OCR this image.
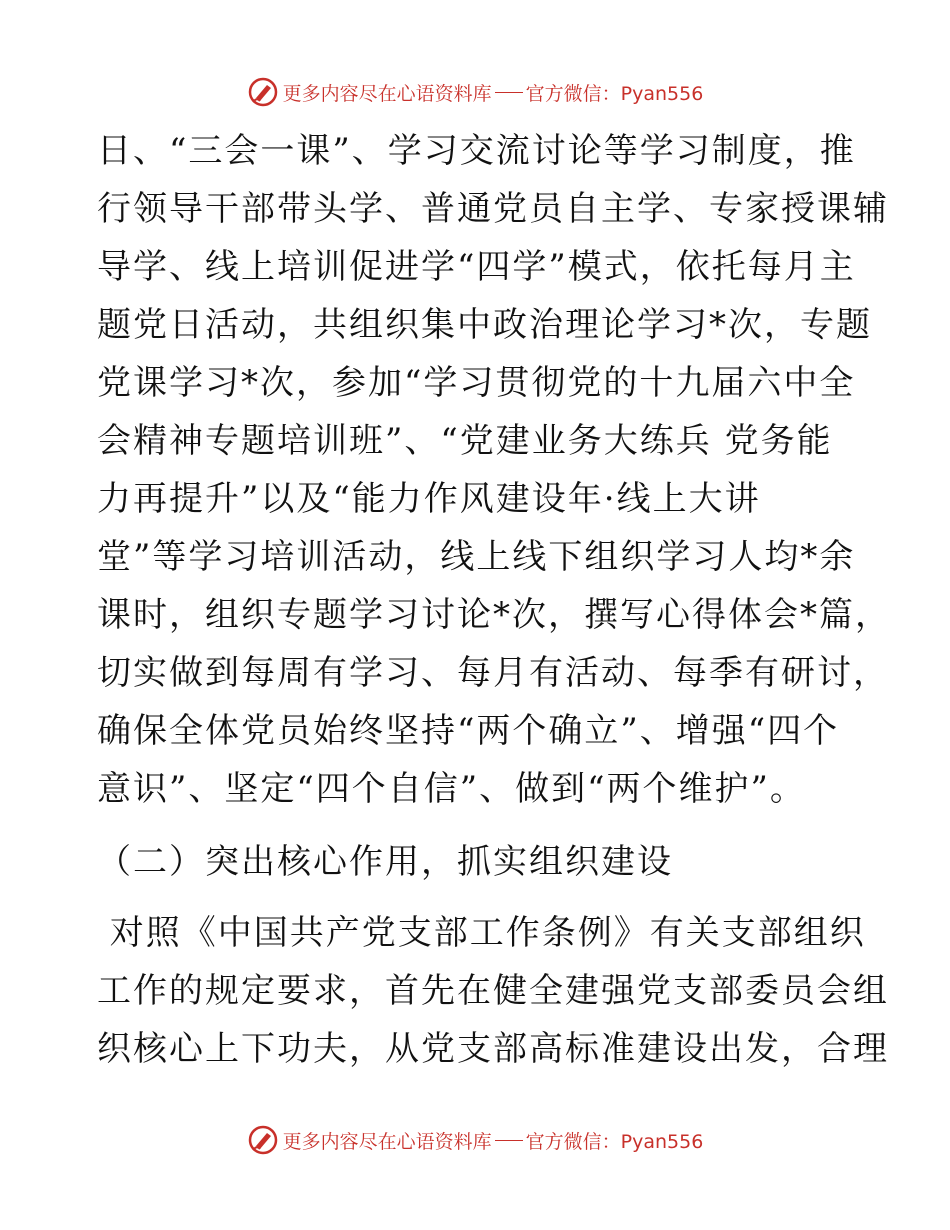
更多内容尽在心语资料库 官方微信：Pyan556
日、“三会一课”、学习交流讨论等学习制度，推
行领导干部带头学、普通党员自主学、专家授课辅
导学、线上培训促进学“四学”模式，依托每月主
题党日活动，共组织集中政治理论学习*次，专题
党课学习*次，参加“学习贯彻党的十九届六中全
会精神专题培训班”、“党建业务大练兵 党务能
力再提升”以及“能力作风建设年·线上大讲
堂”等学习培训活动，线上线下组织学习人均*余
课时，组织专题学习讨论*次，撰写心得体会*篇，
切实做到每周有学习、每月有活动、每季有研讨，
确保全体党员始终坚持“两个确立”、增强“四个
意识”、坚定“四个自信”、做到“两个维护”。
（二）突出核心作用，抓实组织建设
对照《中国共产党支部工作条例》有关支部组织
工作的规定要求，首先在健全建强党支部委员会组
织核心上下功夫，从党支部高标准建设出发，合理
更多内容尽在心语资料库 官方微信：Pyan556
